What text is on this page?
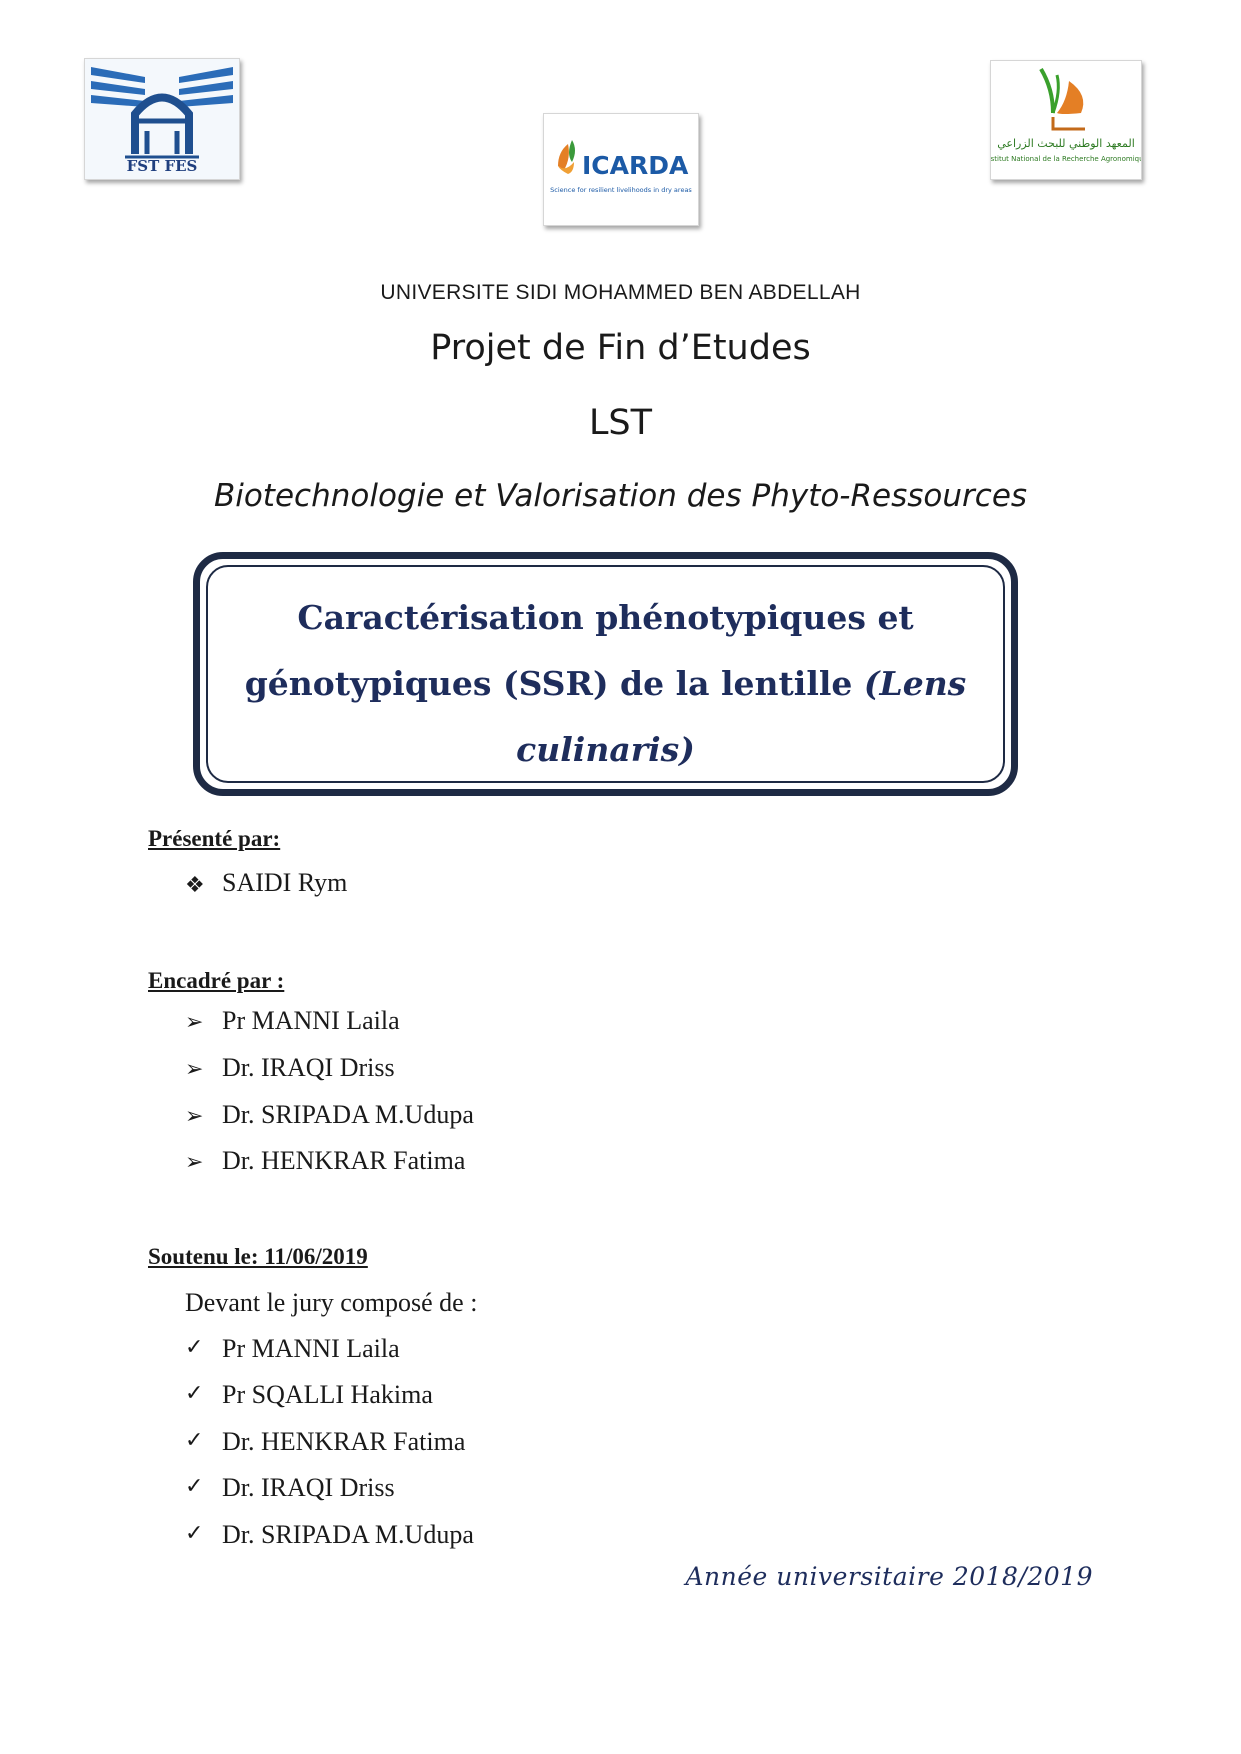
FST FES	ICARDA
Science for resilient livelihoods in dry areas
المعهد الوطني للبحث الزراعي
Institut National de la Recherche Agronomique
UNIVERSITE SIDI MOHAMMED BEN ABDELLAH
Projet de Fin d’Etudes
LST
Biotechnologie et Valorisation des Phyto-Ressources
Caractérisation phénotypiques et
génotypiques (SSR) de la lentille (Lens
culinaris)
Présenté par:
❖ SAIDI Rym
Encadré par :
➢ Pr MANNI Laila
➢ Dr. IRAQI Driss
➢ Dr. SRIPADA M.Udupa
➢ Dr. HENKRAR Fatima
Soutenu le: 11/06/2019
Devant le jury composé de :
✓ Pr MANNI Laila
✓ Pr SQALLI Hakima
✓ Dr. HENKRAR Fatima
✓ Dr. IRAQI Driss
✓ Dr. SRIPADA M.Udupa
Année universitaire 2018/2019
